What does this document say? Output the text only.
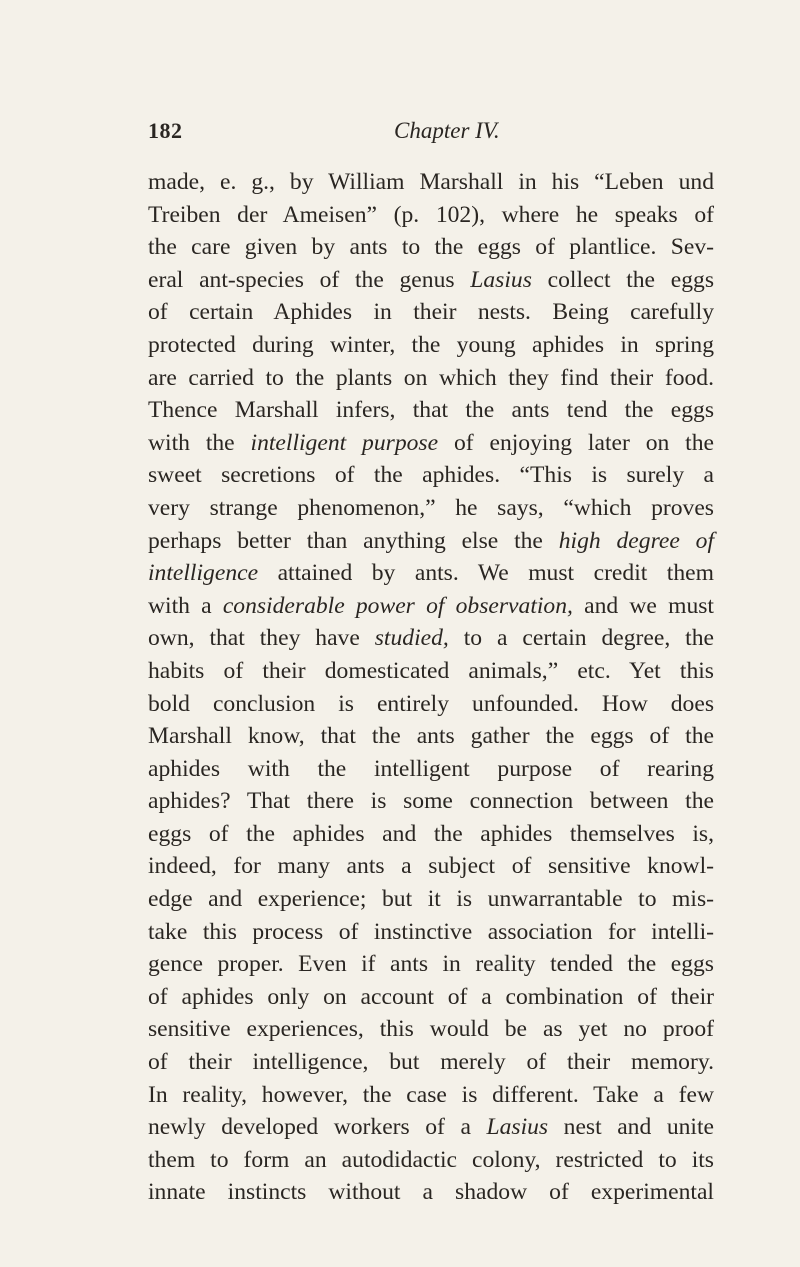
182	Chapter IV.
made, e. g., by William Marshall in his “Leben und
Treiben der Ameisen” (p. 102), where he speaks of
the care given by ants to the eggs of plantlice. Sev-
eral ant-species of the genus Lasius collect the eggs
of certain Aphides in their nests. Being carefully
protected during winter, the young aphides in spring
are carried to the plants on which they find their food.
Thence Marshall infers, that the ants tend the eggs
with the intelligent purpose of enjoying later on the
sweet secretions of the aphides. “This is surely a
very strange phenomenon,” he says, “which proves
perhaps better than anything else the high degree of
intelligence attained by ants. We must credit them
with a considerable power of observation, and we must
own, that they have studied, to a certain degree, the
habits of their domesticated animals,” etc. Yet this
bold conclusion is entirely unfounded. How does
Marshall know, that the ants gather the eggs of the
aphides with the intelligent purpose of rearing
aphides? That there is some connection between the
eggs of the aphides and the aphides themselves is,
indeed, for many ants a subject of sensitive knowl-
edge and experience; but it is unwarrantable to mis-
take this process of instinctive association for intelli-
gence proper. Even if ants in reality tended the eggs
of aphides only on account of a combination of their
sensitive experiences, this would be as yet no proof
of their intelligence, but merely of their memory.
In reality, however, the case is different. Take a few
newly developed workers of a Lasius nest and unite
them to form an autodidactic colony, restricted to its
innate instincts without a shadow of experimental
